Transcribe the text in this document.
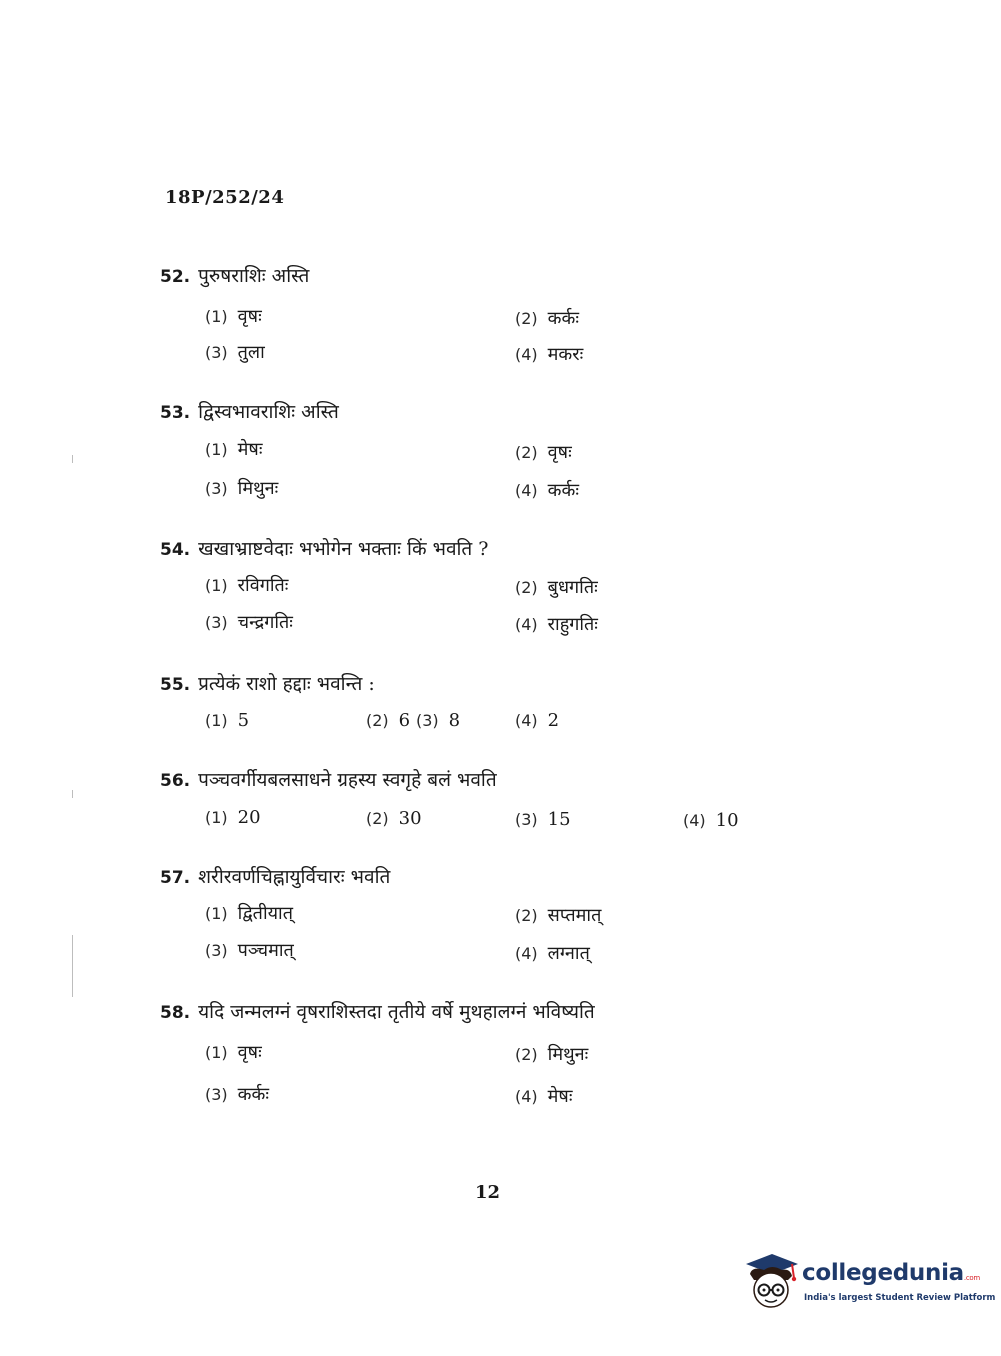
18P/252/24
52. पुरुषराशिः अस्ति
(1) वृषः	(2) कर्कः
(3) तुला	(4) मकरः
53. द्विस्वभावराशिः अस्ति
(1) मेषः	(2) वृषः
(3) मिथुनः	(4) कर्कः
54. खखाभ्राष्टवेदाः भभोगेन भक्ताः किं भवति ?
(1) रविगतिः	(2) बुधगतिः
(3) चन्द्रगतिः	(4) राहुगतिः
55. प्रत्येकं राशो हद्दाः भवन्ति :
(1) 5	(2) 6 (3) 8	(4) 2
56. पञ्चवर्गीयबलसाधने ग्रहस्य स्वगृहे बलं भवति
(1) 20	(2) 30	(3) 15	(4) 10
57. शरीरवर्णचिह्नायुर्विचारः भवति
(1) द्वितीयात्	(2) सप्तमात्
(3) पञ्चमात्	(4) लग्नात्
58. यदि जन्मलग्नं वृषराशिस्तदा तृतीये वर्षे मुथहालग्नं भविष्यति
(1) वृषः	(2) मिथुनः
(3) कर्कः	(4) मेषः
12
collegedunia.com
India's largest Student Review Platform
